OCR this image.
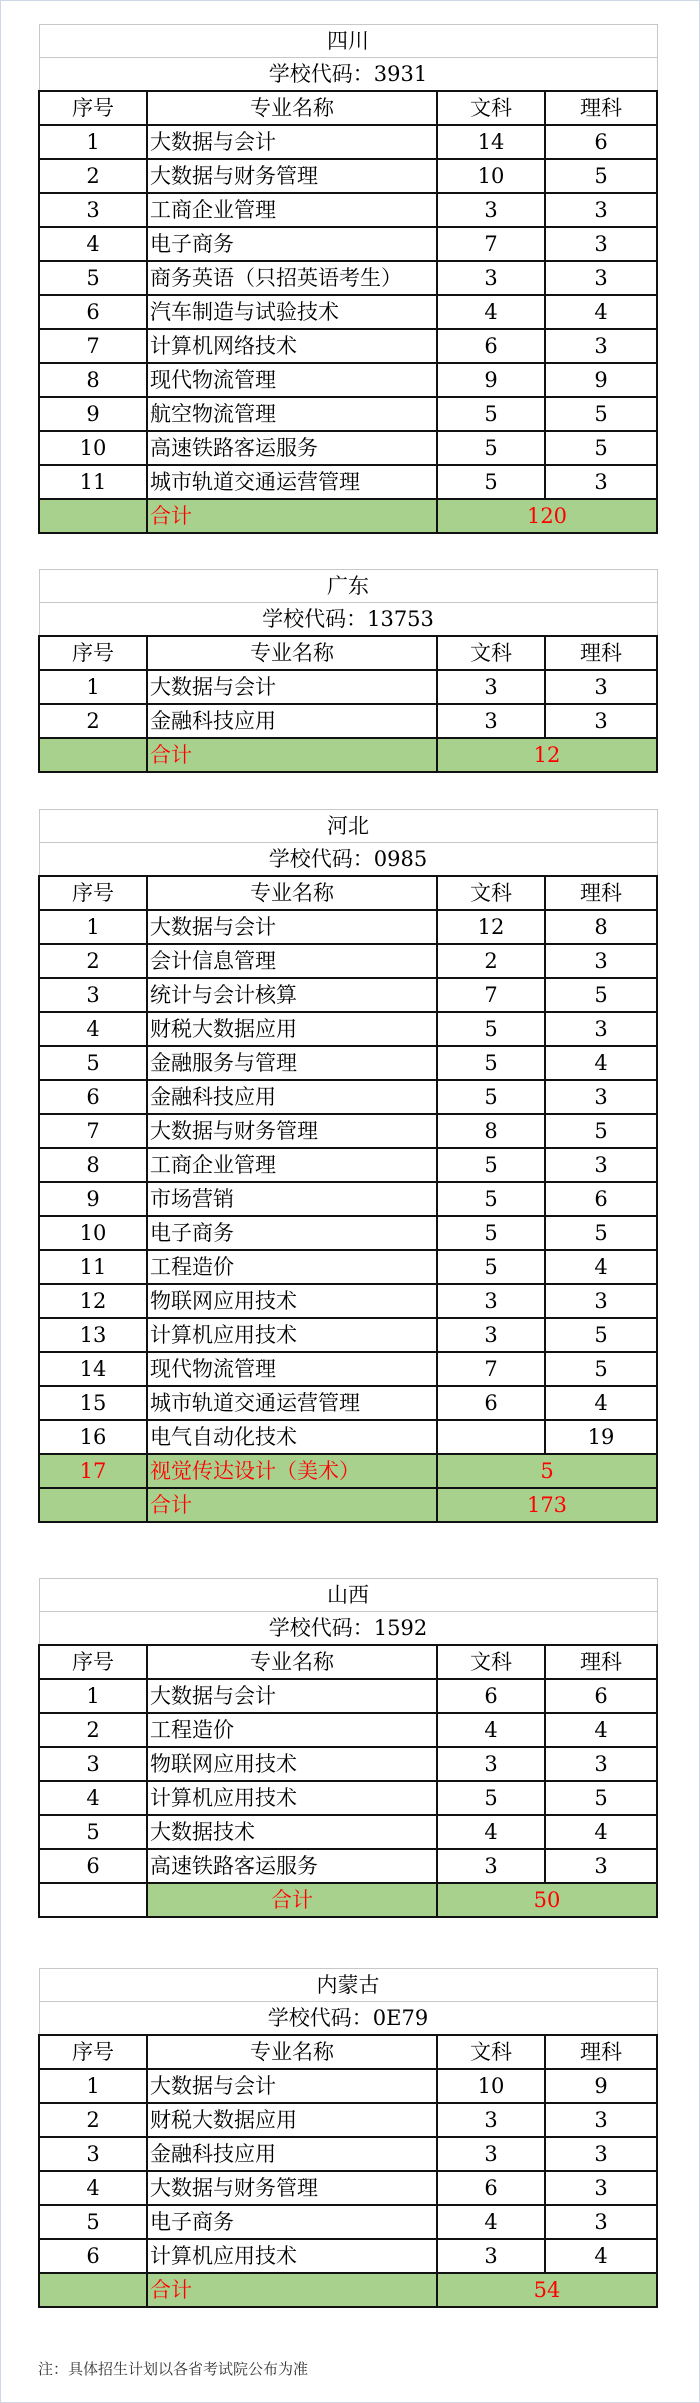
四川			
学校代码：3931			
序号	专业名称	文科	理科
1	大数据与会计	14	6
2	大数据与财务管理	10	5
3	工商企业管理	3	3
4	电子商务	7	3
5	商务英语（只招英语考生）	3	3
6	汽车制造与试验技术	4	4
7	计算机网络技术	6	3
8	现代物流管理	9	9
9	航空物流管理	5	5
10	高速铁路客运服务	5	5
11	城市轨道交通运营管理	5	3
	合计	120	
广东			
学校代码：13753			
序号	专业名称	文科	理科
1	大数据与会计	3	3
2	金融科技应用	3	3
	合计	12	
河北			
学校代码：0985			
序号	专业名称	文科	理科
1	大数据与会计	12	8
2	会计信息管理	2	3
3	统计与会计核算	7	5
4	财税大数据应用	5	3
5	金融服务与管理	5	4
6	金融科技应用	5	3
7	大数据与财务管理	8	5
8	工商企业管理	5	3
9	市场营销	5	6
10	电子商务	5	5
11	工程造价	5	4
12	物联网应用技术	3	3
13	计算机应用技术	3	5
14	现代物流管理	7	5
15	城市轨道交通运营管理	6	4
16	电气自动化技术		19
17	视觉传达设计（美术）	5	
	合计	173	
山西			
学校代码：1592			
序号	专业名称	文科	理科
1	大数据与会计	6	6
2	工程造价	4	4
3	物联网应用技术	3	3
4	计算机应用技术	5	5
5	大数据技术	4	4
6	高速铁路客运服务	3	3
	合计	50	
内蒙古			
学校代码：0E79			
序号	专业名称	文科	理科
1	大数据与会计	10	9
2	财税大数据应用	3	3
3	金融科技应用	3	3
4	大数据与财务管理	6	3
5	电子商务	4	3
6	计算机应用技术	3	4
	合计	54	
注：具体招生计划以各省考试院公布为准
